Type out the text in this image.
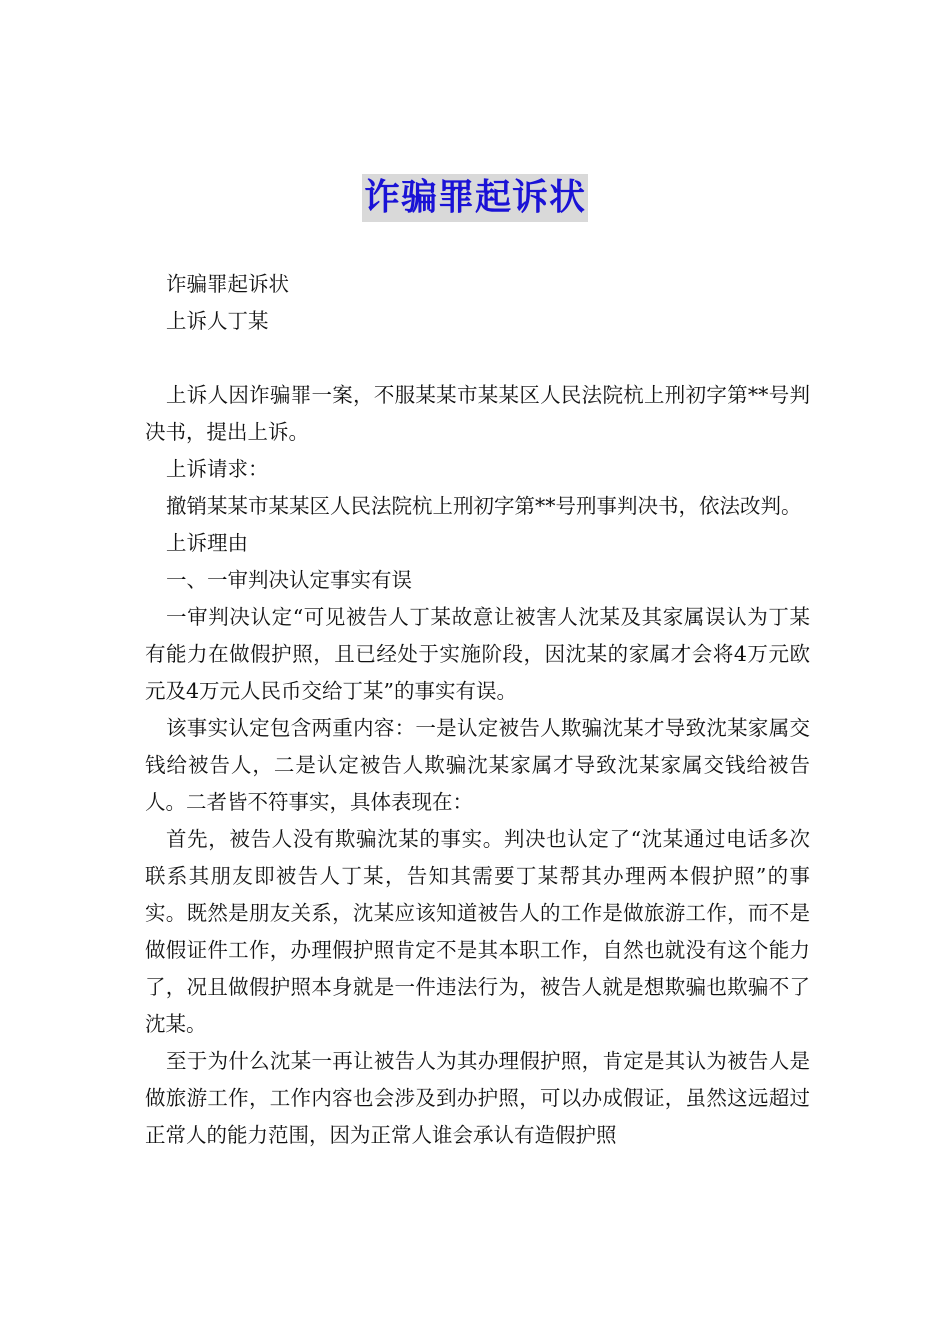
诈骗罪起诉状

诈骗罪起诉状

上诉人丁某

上诉人因诈骗罪一案，不服某某市某某区人民法院杭上刑初字第**号判决书，提出上诉。

上诉请求：

撤销某某市某某区人民法院杭上刑初字第**号刑事判决书，依法改判。

上诉理由

一、一审判决认定事实有误

一审判决认定“可见被告人丁某故意让被害人沈某及其家属误认为丁某有能力在做假护照，且已经处于实施阶段，因沈某的家属才会将4万元欧元及4万元人民币交给丁某”的事实有误。

该事实认定包含两重内容：一是认定被告人欺骗沈某才导致沈某家属交钱给被告人，二是认定被告人欺骗沈某家属才导致沈某家属交钱给被告人。二者皆不符事实，具体表现在：

首先，被告人没有欺骗沈某的事实。判决也认定了“沈某通过电话多次联系其朋友即被告人丁某，告知其需要丁某帮其办理两本假护照”的事实。既然是朋友关系，沈某应该知道被告人的工作是做旅游工作，而不是做假证件工作，办理假护照肯定不是其本职工作，自然也就没有这个能力了，况且做假护照本身就是一件违法行为，被告人就是想欺骗也欺骗不了沈某。

至于为什么沈某一再让被告人为其办理假护照，肯定是其认为被告人是做旅游工作，工作内容也会涉及到办护照，可以办成假证，虽然这远超过正常人的能力范围，因为正常人谁会承认有造假护照
